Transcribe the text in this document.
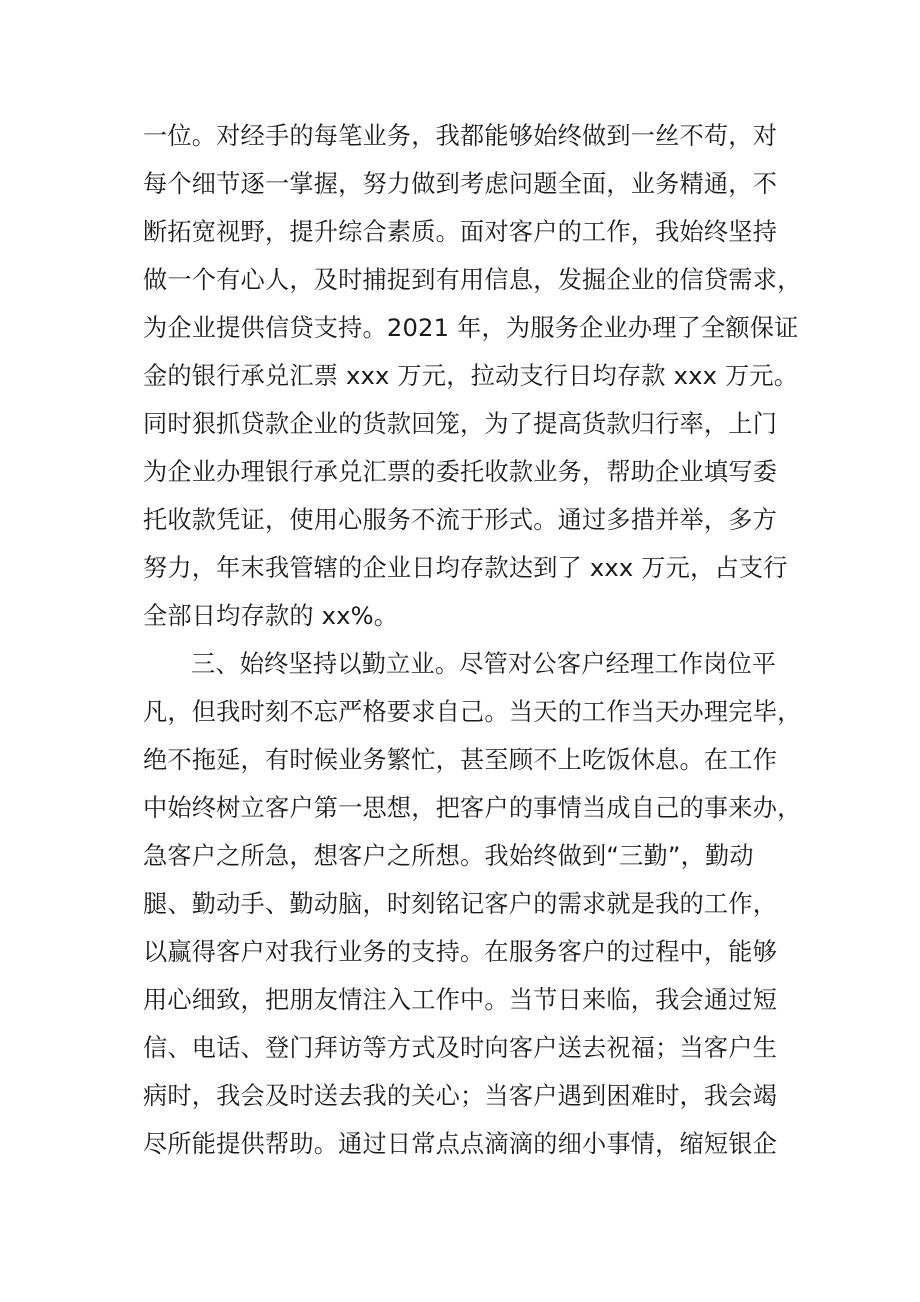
一位。对经手的每笔业务，我都能够始终做到一丝不苟，对
每个细节逐一掌握，努力做到考虑问题全面，业务精通，不
断拓宽视野，提升综合素质。面对客户的工作，我始终坚持
做一个有心人，及时捕捉到有用信息，发掘企业的信贷需求，
为企业提供信贷支持。2021 年，为服务企业办理了全额保证
金的银行承兑汇票 xxx 万元，拉动支行日均存款 xxx 万元。
同时狠抓贷款企业的货款回笼，为了提高货款归行率，上门
为企业办理银行承兑汇票的委托收款业务，帮助企业填写委
托收款凭证，使用心服务不流于形式。通过多措并举，多方
努力，年末我管辖的企业日均存款达到了 xxx 万元，占支行
全部日均存款的 xx%。
三、始终坚持以勤立业。尽管对公客户经理工作岗位平
凡，但我时刻不忘严格要求自己。当天的工作当天办理完毕，
绝不拖延，有时候业务繁忙，甚至顾不上吃饭休息。在工作
中始终树立客户第一思想，把客户的事情当成自己的事来办，
急客户之所急，想客户之所想。我始终做到“三勤”，勤动
腿、勤动手、勤动脑，时刻铭记客户的需求就是我的工作，
以赢得客户对我行业务的支持。在服务客户的过程中，能够
用心细致，把朋友情注入工作中。当节日来临，我会通过短
信、电话、登门拜访等方式及时向客户送去祝福；当客户生
病时，我会及时送去我的关心；当客户遇到困难时，我会竭
尽所能提供帮助。通过日常点点滴滴的细小事情，缩短银企
